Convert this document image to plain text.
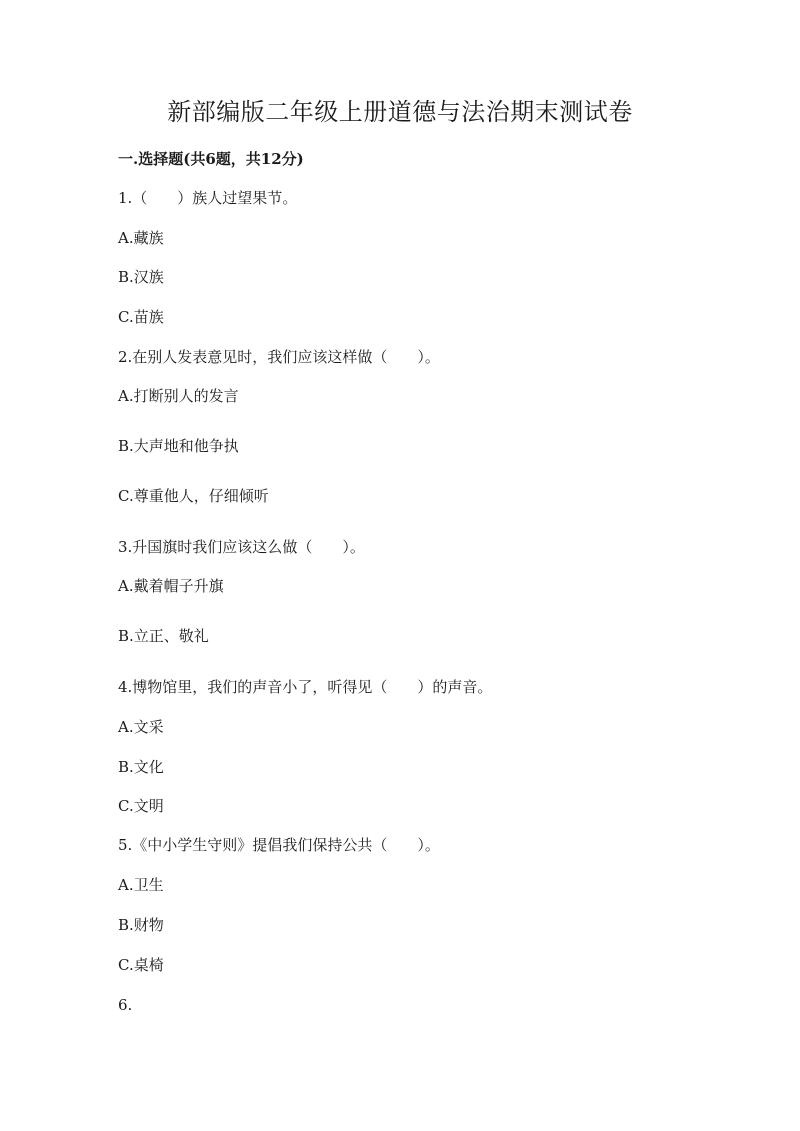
新部编版二年级上册道德与法治期末测试卷
一.选择题(共6题，共12分)
1.（　　）族人过望果节。
A.藏族
B.汉族
C.苗族
2.在别人发表意见时，我们应该这样做（　　）。
A.打断别人的发言
B.大声地和他争执
C.尊重他人，仔细倾听
3.升国旗时我们应该这么做（　　）。
A.戴着帽子升旗
B.立正、敬礼
4.博物馆里，我们的声音小了，听得见（　　）的声音。
A.文采
B.文化
C.文明
5.《中小学生守则》提倡我们保持公共（　　）。
A.卫生
B.财物
C.桌椅
6.
